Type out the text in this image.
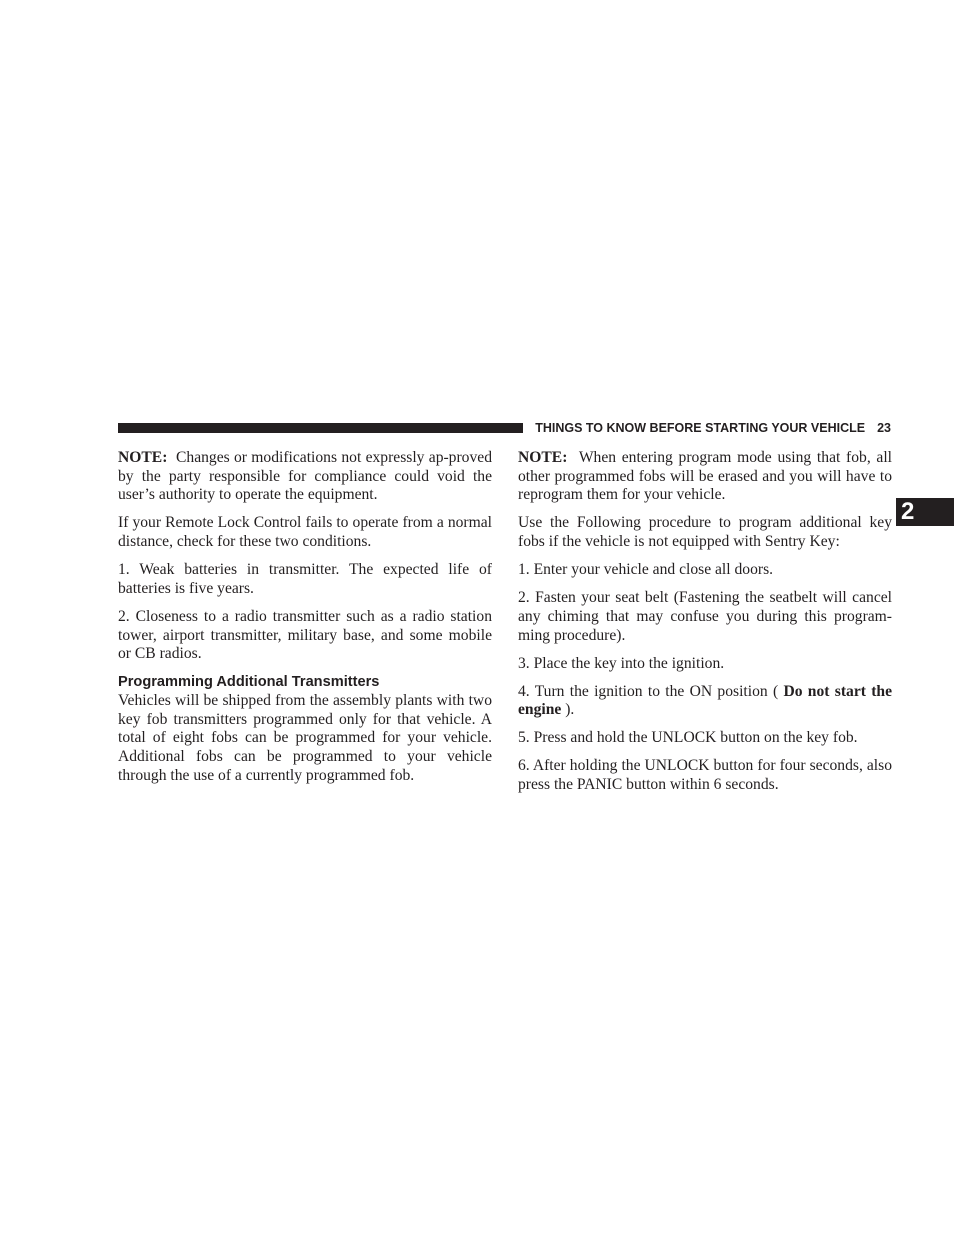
THINGS TO KNOW BEFORE STARTING YOUR VEHICLE 23
2

NOTE: Changes or modifications not expressly ap-proved by the party responsible for compliance could void the user’s authority to operate the equipment.

If your Remote Lock Control fails to operate from a normal distance, check for these two conditions.

1. Weak batteries in transmitter. The expected life of batteries is five years.

2. Closeness to a radio transmitter such as a radio station tower, airport transmitter, military base, and some mobile or CB radios.

Programming Additional Transmitters

Vehicles will be shipped from the assembly plants with two key fob transmitters programmed only for that vehicle. A total of eight fobs can be programmed for your vehicle. Additional fobs can be programmed to your vehicle through the use of a currently programmed fob.

NOTE: When entering program mode using that fob, all other programmed fobs will be erased and you will have to reprogram them for your vehicle.

Use the Following procedure to program additional key fobs if the vehicle is not equipped with Sentry Key:

1. Enter your vehicle and close all doors.

2. Fasten your seat belt (Fastening the seatbelt will cancel any chiming that may confuse you during this program-ming procedure).

3. Place the key into the ignition.

4. Turn the ignition to the ON position ( Do not start the engine ).

5. Press and hold the UNLOCK button on the key fob.

6. After holding the UNLOCK button for four seconds, also press the PANIC button within 6 seconds.
